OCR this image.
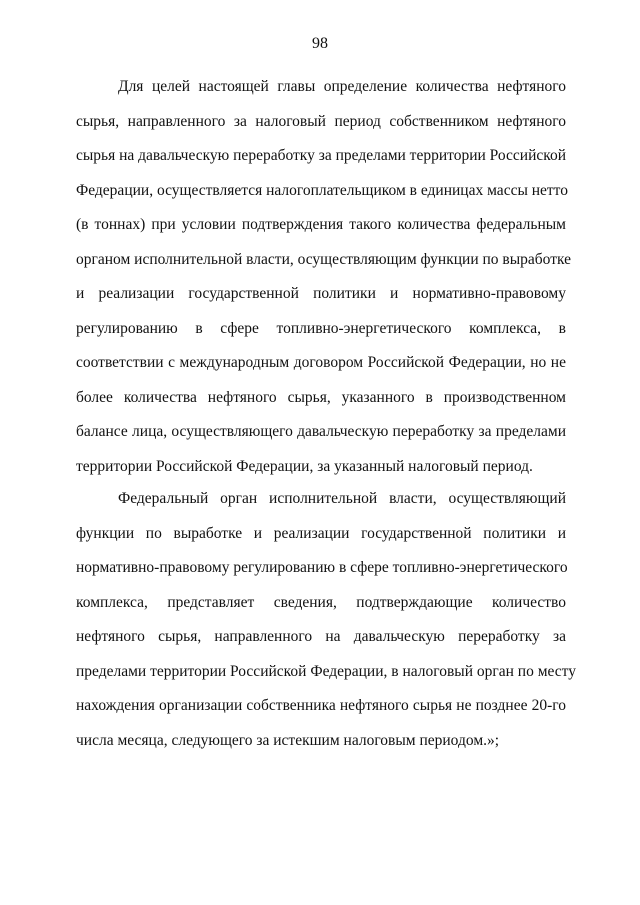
98
Для целей настоящей главы определение количества нефтяного
сырья, направленного за налоговый период собственником нефтяного
сырья на давальческую переработку за пределами территории Российской
Федерации, осуществляется налогоплательщиком в единицах массы нетто
(в тоннах) при условии подтверждения такого количества федеральным
органом исполнительной власти, осуществляющим функции по выработке
и реализации государственной политики и нормативно-правовому
регулированию в сфере топливно-энергетического комплекса, в
соответствии с международным договором Российской Федерации, но не
более количества нефтяного сырья, указанного в производственном
балансе лица, осуществляющего давальческую переработку за пределами
территории Российской Федерации, за указанный налоговый период.
Федеральный орган исполнительной власти, осуществляющий
функции по выработке и реализации государственной политики и
нормативно-правовому регулированию в сфере топливно-энергетического
комплекса, представляет сведения, подтверждающие количество
нефтяного сырья, направленного на давальческую переработку за
пределами территории Российской Федерации, в налоговый орган по месту
нахождения организации собственника нефтяного сырья не позднее 20-го
числа месяца, следующего за истекшим налоговым периодом.»;
